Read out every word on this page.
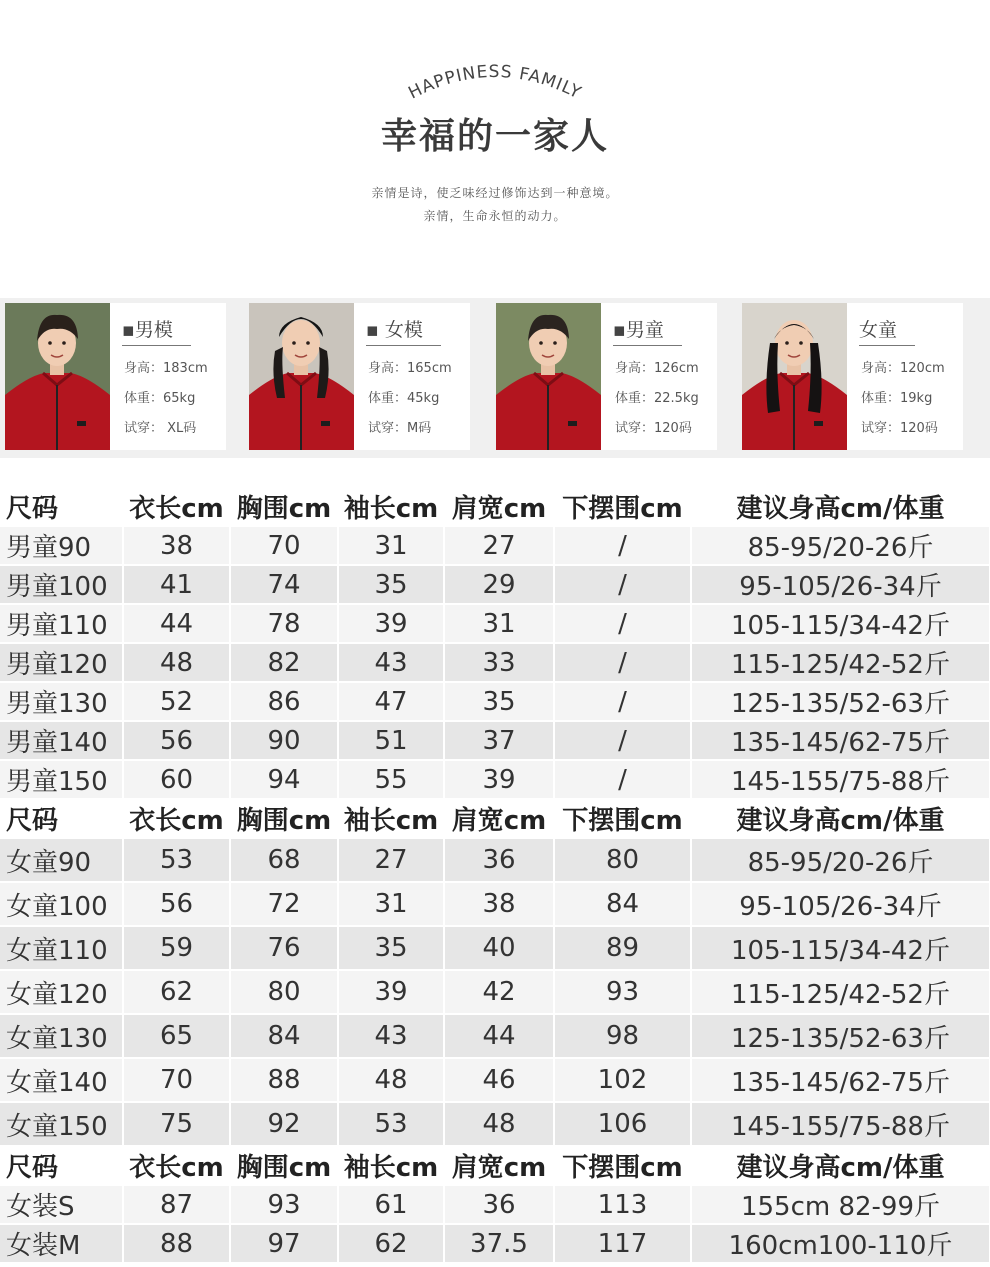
HAPPINESS FAMILY
幸福的一家人
亲情是诗，使乏味经过修饰达到一种意境。
亲情，生命永恒的动力。
▪男模
身高：183cm
体重：65kg
试穿： XL码
▪ 女模
身高：165cm
体重：45kg
试穿：M码
▪男童
身高：126cm
体重：22.5kg
试穿：120码
女童
身高：120cm
体重：19kg
试穿：120码
尺码	衣长cm	胸围cm	袖长cm	肩宽cm	下摆围cm	建议身高cm/体重
男童90	38	70	31	27	/	85-95/20-26斤
男童100	41	74	35	29	/	95-105/26-34斤
男童110	44	78	39	31	/	105-115/34-42斤
男童120	48	82	43	33	/	115-125/42-52斤
男童130	52	86	47	35	/	125-135/52-63斤
男童140	56	90	51	37	/	135-145/62-75斤
男童150	60	94	55	39	/	145-155/75-88斤
尺码	衣长cm	胸围cm	袖长cm	肩宽cm	下摆围cm	建议身高cm/体重
女童90	53	68	27	36	80	85-95/20-26斤
女童100	56	72	31	38	84	95-105/26-34斤
女童110	59	76	35	40	89	105-115/34-42斤
女童120	62	80	39	42	93	115-125/42-52斤
女童130	65	84	43	44	98	125-135/52-63斤
女童140	70	88	48	46	102	135-145/62-75斤
女童150	75	92	53	48	106	145-155/75-88斤
尺码	衣长cm	胸围cm	袖长cm	肩宽cm	下摆围cm	建议身高cm/体重
女装S	87	93	61	36	113	155cm 82-99斤
女装M	88	97	62	37.5	117	160cm100-110斤
